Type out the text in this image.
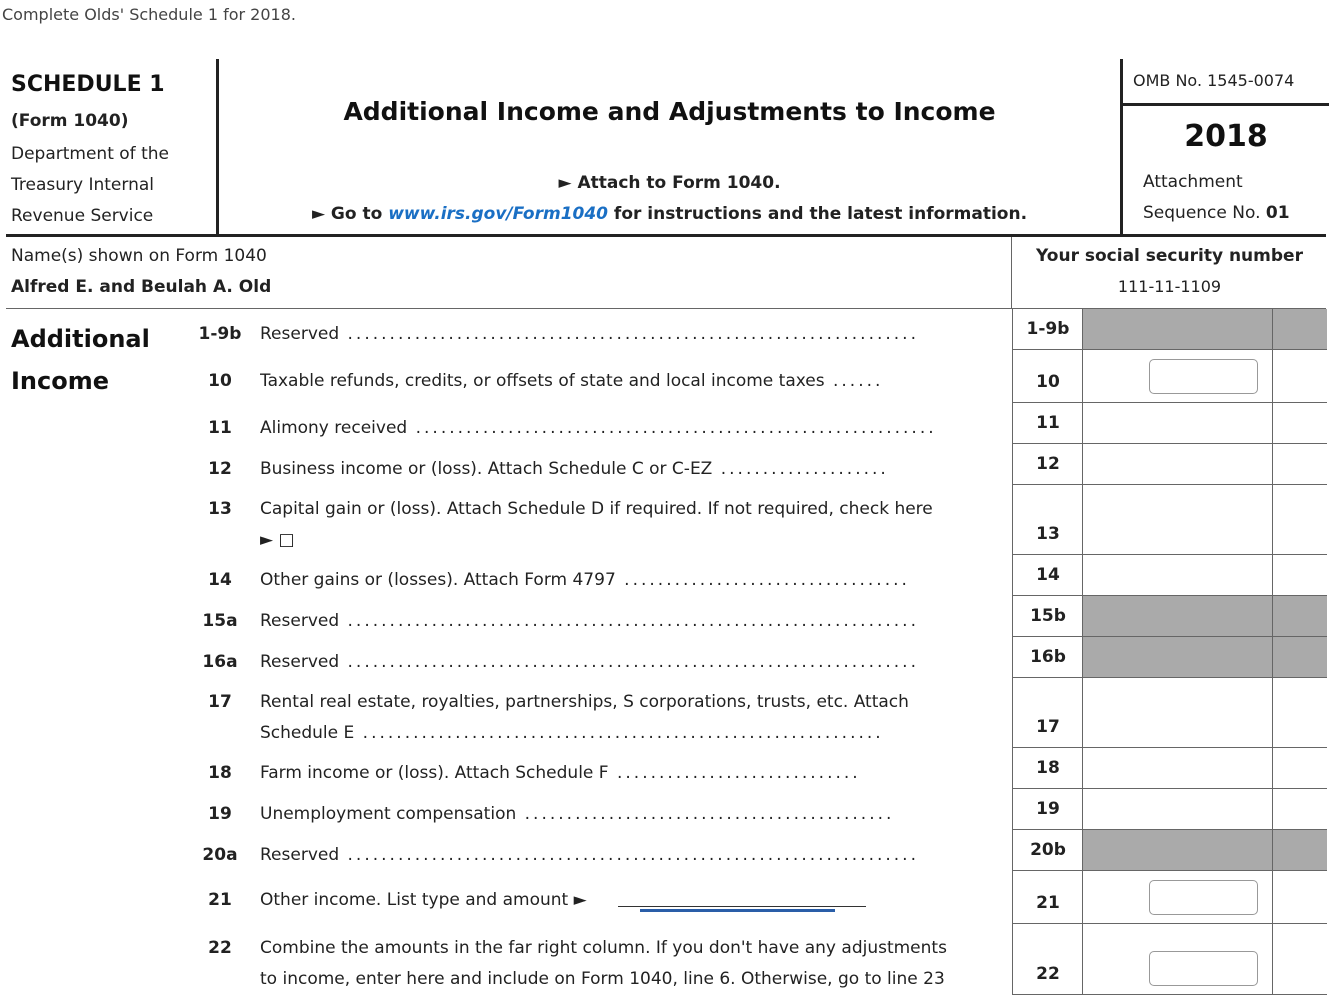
Complete Olds' Schedule 1 for 2018.
SCHEDULE 1
(Form 1040)
Department of the Treasury Internal Revenue Service
Additional Income and Adjustments to Income
► Attach to Form 1040.
► Go to www.irs.gov/Form1040 for instructions and the latest information.
OMB No. 1545-0074
2018
Attachment
Sequence No. 01
Name(s) shown on Form 1040
Alfred E. and Beulah A. Old
Your social security number
111-11-1109
Additional
Income
1-9b Reserved ....................................................................	1-9b
10	Taxable refunds, credits, or offsets of state and local income taxes ......	10
11	Alimony received ..............................................................	11
12	Business income or (loss). Attach Schedule C or C-EZ ....................	12
13	Capital gain or (loss). Attach Schedule D if required. If not required, check here
► □	13
14	Other gains or (losses). Attach Form 4797 ..................................	14
15a	Reserved ....................................................................	15b
16a	Reserved ....................................................................	16b
17	Rental real estate, royalties, partnerships, S corporations, trusts, etc. Attach
Schedule E ..............................................................	17
18	Farm income or (loss). Attach Schedule F .............................	18
19	Unemployment compensation ............................................	19
20a	Reserved ....................................................................	20b
21	Other income. List type and amount ►	21
22	Combine the amounts in the far right column. If you don't have any adjustments
to income, enter here and include on Form 1040, line 6. Otherwise, go to line 23	22
